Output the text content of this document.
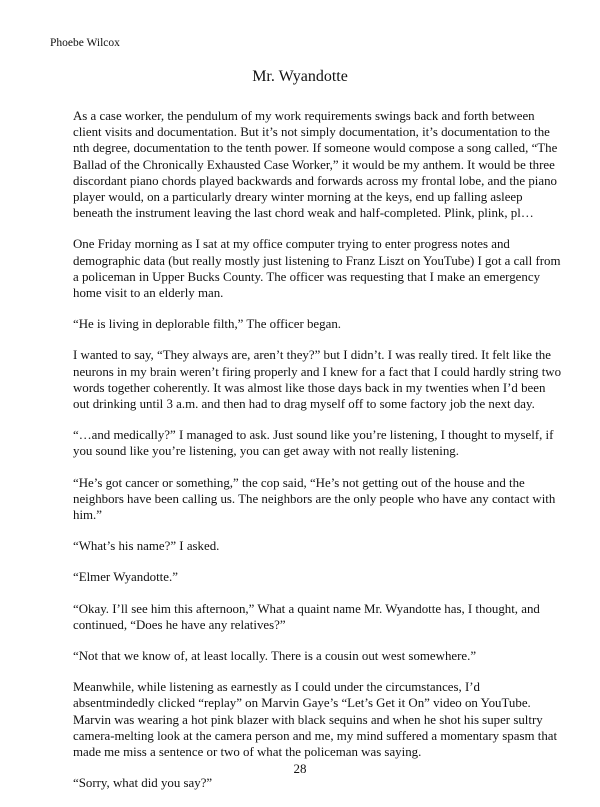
Phoebe Wilcox
Mr. Wyandotte

As a case worker, the pendulum of my work requirements swings back and forth between client visits and documentation. But it’s not simply documentation, it’s documentation to the nth degree, documentation to the tenth power. If someone would compose a song called, “The Ballad of the Chronically Exhausted Case Worker,” it would be my anthem. It would be three discordant piano chords played backwards and forwards across my frontal lobe, and the piano player would, on a particularly dreary winter morning at the keys, end up falling asleep beneath the instrument leaving the last chord weak and half-completed. Plink, plink, pl…

One Friday morning as I sat at my office computer trying to enter progress notes and demographic data (but really mostly just listening to Franz Liszt on YouTube) I got a call from a policeman in Upper Bucks County. The officer was requesting that I make an emergency home visit to an elderly man.

“He is living in deplorable filth,” The officer began.

I wanted to say, “They always are, aren’t they?” but I didn’t. I was really tired. It felt like the neurons in my brain weren’t firing properly and I knew for a fact that I could hardly string two words together coherently. It was almost like those days back in my twenties when I’d been out drinking until 3 a.m. and then had to drag myself off to some factory job the next day.

“…and medically?” I managed to ask. Just sound like you’re listening, I thought to myself, if you sound like you’re listening, you can get away with not really listening.

“He’s got cancer or something,” the cop said, “He’s not getting out of the house and the neighbors have been calling us. The neighbors are the only people who have any contact with him.”

“What’s his name?” I asked.

“Elmer Wyandotte.”

“Okay. I’ll see him this afternoon,” What a quaint name Mr. Wyandotte has, I thought, and continued, “Does he have any relatives?”

“Not that we know of, at least locally. There is a cousin out west somewhere.”

Meanwhile, while listening as earnestly as I could under the circumstances, I’d absentmindedly clicked “replay” on Marvin Gaye’s “Let’s Get it On” video on YouTube. Marvin was wearing a hot pink blazer with black sequins and when he shot his super sultry camera-melting look at the camera person and me, my mind suffered a momentary spasm that made me miss a sentence or two of what the policeman was saying.

“Sorry, what did you say?”

28
